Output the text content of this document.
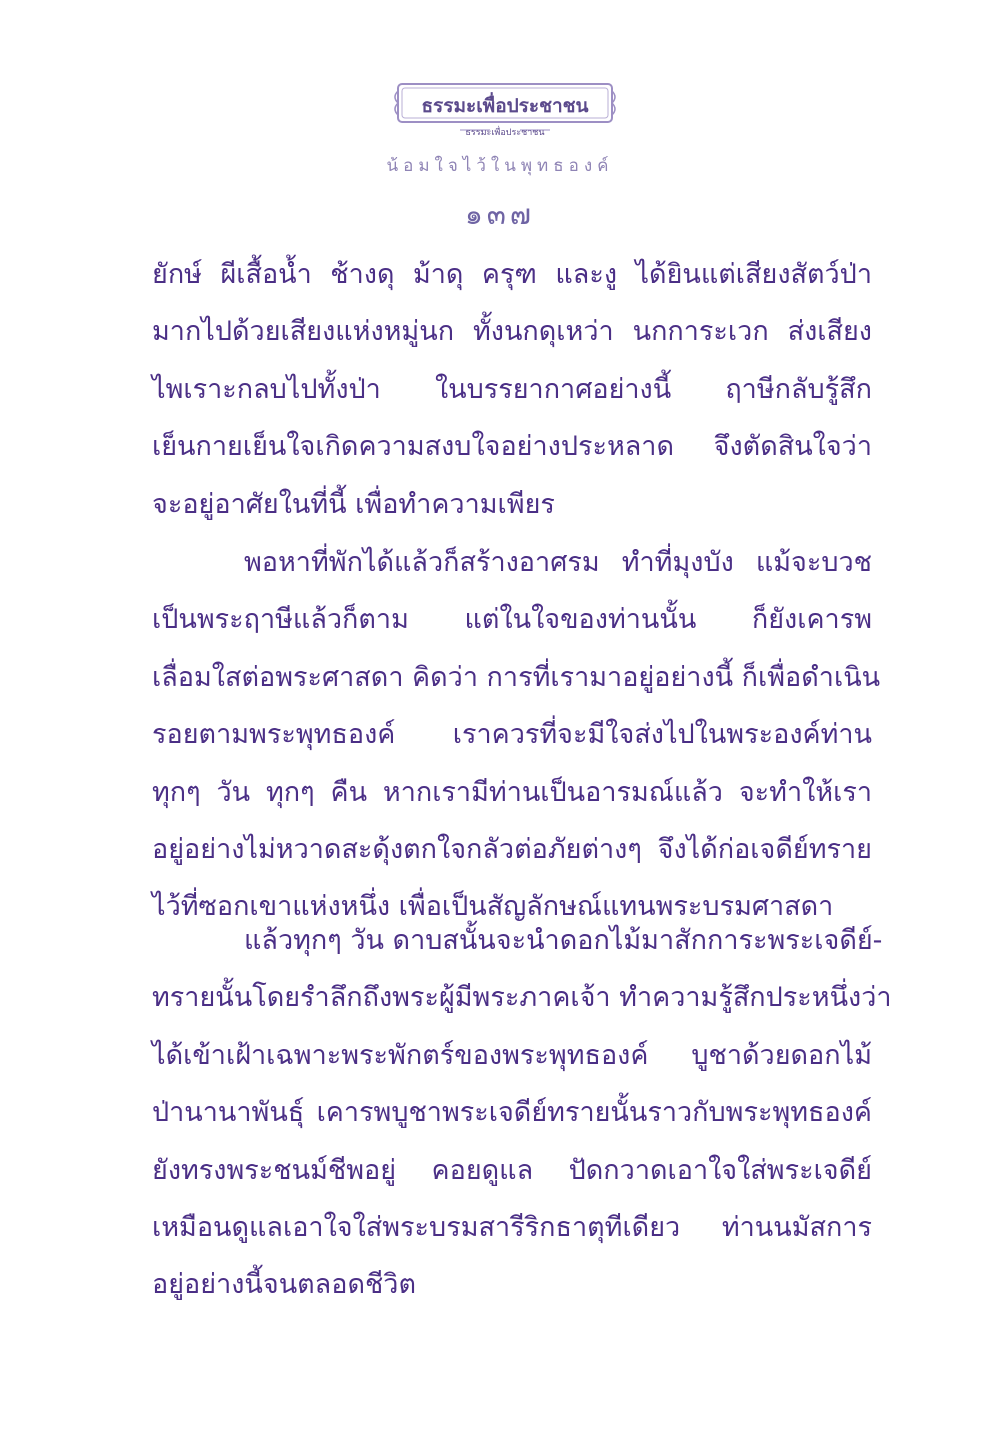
ธรรมะเพื่อประชาชน
ธรรมะเพื่อประชาชน
น้อมใจไว้ในพุทธองค์
๑๓๗
ยักษ์ ผีเสื้อน้ำ ช้างดุ ม้าดุ ครุฑ และงู ได้ยินแต่เสียงสัตว์ป่า
มากไปด้วยเสียงแห่งหมู่นก ทั้งนกดุเหว่า นกการะเวก ส่งเสียง
ไพเราะกลบไปทั้งป่า ในบรรยากาศอย่างนี้ ฤาษีกลับรู้สึก
เย็นกายเย็นใจเกิดความสงบใจอย่างประหลาด จึงตัดสินใจว่า
จะอยู่อาศัยในที่นี้ เพื่อทำความเพียร
พอหาที่พักได้แล้วก็สร้างอาศรม ทำที่มุงบัง แม้จะบวช
เป็นพระฤาษีแล้วก็ตาม แต่ในใจของท่านนั้น ก็ยังเคารพ
เลื่อมใสต่อพระศาสดา คิดว่า การที่เรามาอยู่อย่างนี้ ก็เพื่อดำเนิน
รอยตามพระพุทธองค์ เราควรที่จะมีใจส่งไปในพระองค์ท่าน
ทุกๆ วัน ทุกๆ คืน หากเรามีท่านเป็นอารมณ์แล้ว จะทำให้เรา
อยู่อย่างไม่หวาดสะดุ้งตกใจกลัวต่อภัยต่างๆ จึงได้ก่อเจดีย์ทราย
ไว้ที่ซอกเขาแห่งหนึ่ง เพื่อเป็นสัญลักษณ์แทนพระบรมศาสดา
แล้วทุกๆ วัน ดาบสนั้นจะนำดอกไม้มาสักการะพระเจดีย์-
ทรายนั้นโดยรำลึกถึงพระผู้มีพระภาคเจ้า ทำความรู้สึกประหนึ่งว่า
ได้เข้าเฝ้าเฉพาะพระพักตร์ของพระพุทธองค์ บูชาด้วยดอกไม้
ป่านานาพันธุ์ เคารพบูชาพระเจดีย์ทรายนั้นราวกับพระพุทธองค์
ยังทรงพระชนม์ชีพอยู่ คอยดูแล ปัดกวาดเอาใจใส่พระเจดีย์
เหมือนดูแลเอาใจใส่พระบรมสารีริกธาตุทีเดียว ท่านนมัสการ
อยู่อย่างนี้จนตลอดชีวิต
